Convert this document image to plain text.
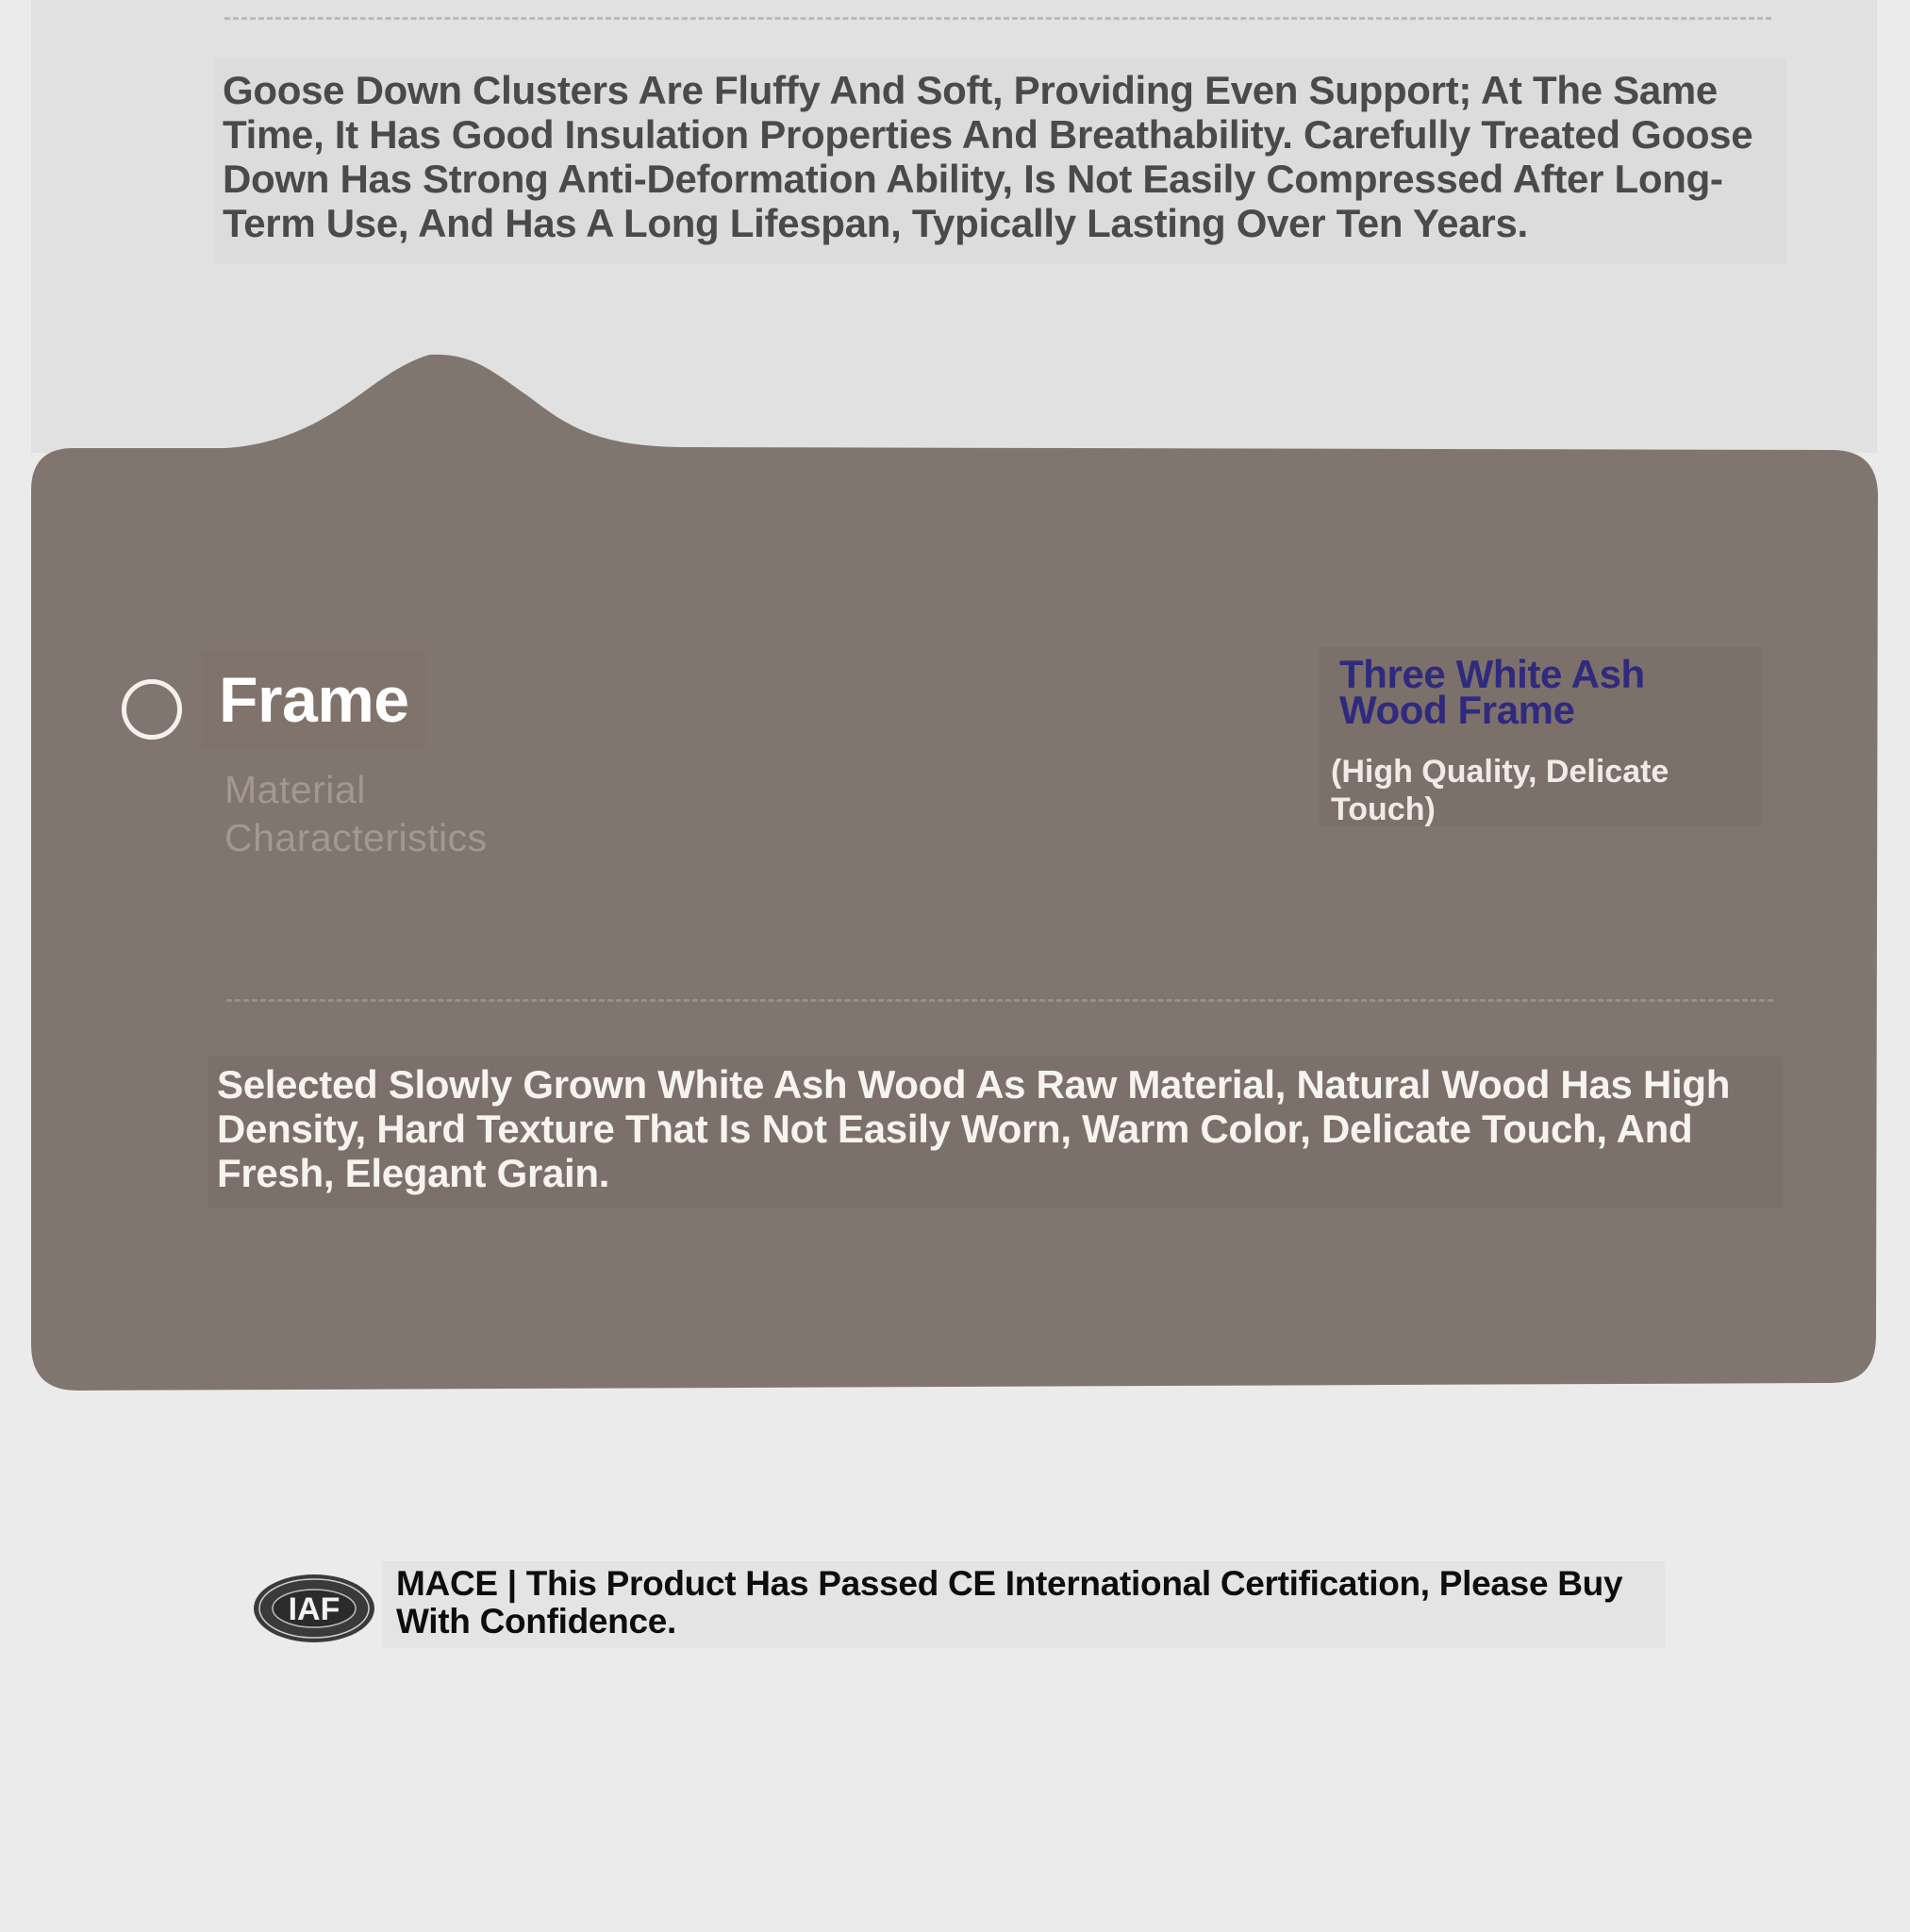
Goose Down Clusters Are Fluffy And Soft, Providing Even Support; At The Same Time, It Has Good Insulation Properties And Breathability. Carefully Treated Goose Down Has Strong Anti-Deformation Ability, Is Not Easily Compressed After Long-Term Use, And Has A Long Lifespan, Typically Lasting Over Ten Years.

Frame
Material Characteristics
Three White Ash Wood Frame
(High Quality, Delicate Touch)

Selected Slowly Grown White Ash Wood As Raw Material, Natural Wood Has High Density, Hard Texture That Is Not Easily Worn, Warm Color, Delicate Touch, And Fresh, Elegant Grain.

IAF
MACE | This Product Has Passed CE International Certification, Please Buy With Confidence.
